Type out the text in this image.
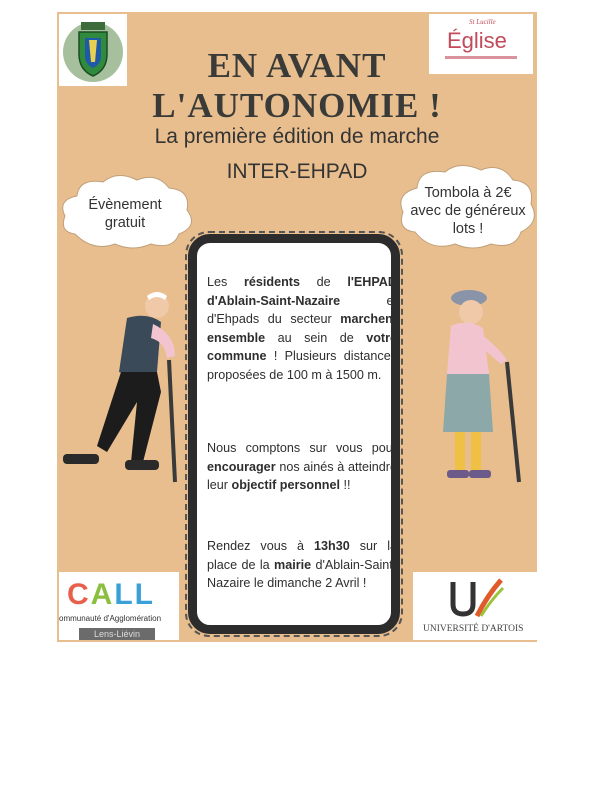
St Lucille
Église
EN AVANT
L'AUTONOMIE !
La première édition de marche
INTER-EHPAD
Évènement
gratuit
Tombola à 2€
avec de généreux
lots !
Les résidents de l'EHPAD d'Ablain-Saint-Nazaire et d'Ehpads du secteur marchent ensemble au sein de votre commune ! Plusieurs distances proposées de 100 m à 1500 m.
Nous comptons sur vous pour encourager nos ainés à atteindre leur objectif personnel !!
Rendez vous à 13h30 sur la place de la mairie d'Ablain-Saint-Nazaire le dimanche 2 Avril !
CALL
ommunauté d'Agglomération
Lens-Liévin	UNIVERSITÉ D'ARTOIS
